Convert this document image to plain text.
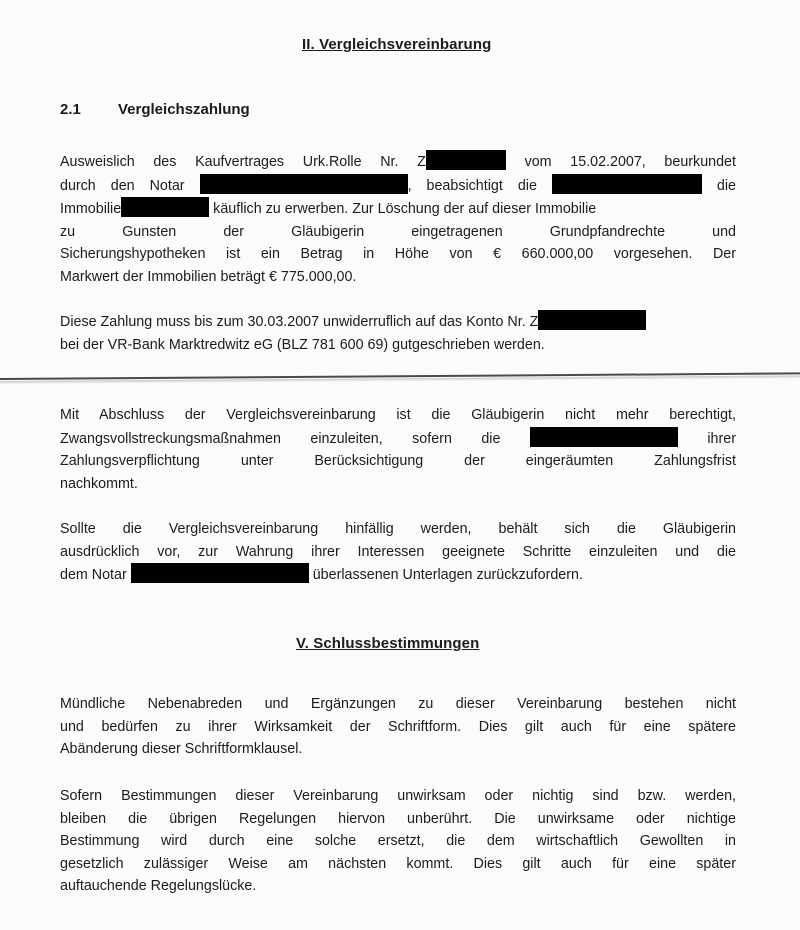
II. Vergleichsvereinbarung
2.1 Vergleichszahlung
Ausweislich des Kaufvertrages Urk.Rolle Nr. Z	vom 15.02.2007, beurkundet
durch den Notar	, beabsichtigt die	die
Immobilie	käuflich zu erwerben. Zur Löschung der auf dieser Immobilie
zu Gunsten der Gläubigerin eingetragenen Grundpfandrechte und
Sicherungshypotheken ist ein Betrag in Höhe von € 660.000,00 vorgesehen. Der
Markwert der Immobilien beträgt € 775.000,00.
Diese Zahlung muss bis zum 30.03.2007 unwiderruflich auf das Konto Nr. Z
bei der VR-Bank Marktredwitz eG (BLZ 781 600 69) gutgeschrieben werden.
Mit Abschluss der Vergleichsvereinbarung ist die Gläubigerin nicht mehr berechtigt,
Zwangsvollstreckungsmaßnahmen einzuleiten, sofern die	ihrer
Zahlungsverpflichtung unter Berücksichtigung der eingeräumten Zahlungsfrist
nachkommt.
Sollte die Vergleichsvereinbarung hinfällig werden, behält sich die Gläubigerin
ausdrücklich vor, zur Wahrung ihrer Interessen geeignete Schritte einzuleiten und die
dem Notar	überlassenen Unterlagen zurückzufordern.
V. Schlussbestimmungen
Mündliche Nebenabreden und Ergänzungen zu dieser Vereinbarung bestehen nicht
und bedürfen zu ihrer Wirksamkeit der Schriftform. Dies gilt auch für eine spätere
Abänderung dieser Schriftformklausel.
Sofern Bestimmungen dieser Vereinbarung unwirksam oder nichtig sind bzw. werden,
bleiben die übrigen Regelungen hiervon unberührt. Die unwirksame oder nichtige
Bestimmung wird durch eine solche ersetzt, die dem wirtschaftlich Gewollten in
gesetzlich zulässiger Weise am nächsten kommt. Dies gilt auch für eine später
auftauchende Regelungslücke.
